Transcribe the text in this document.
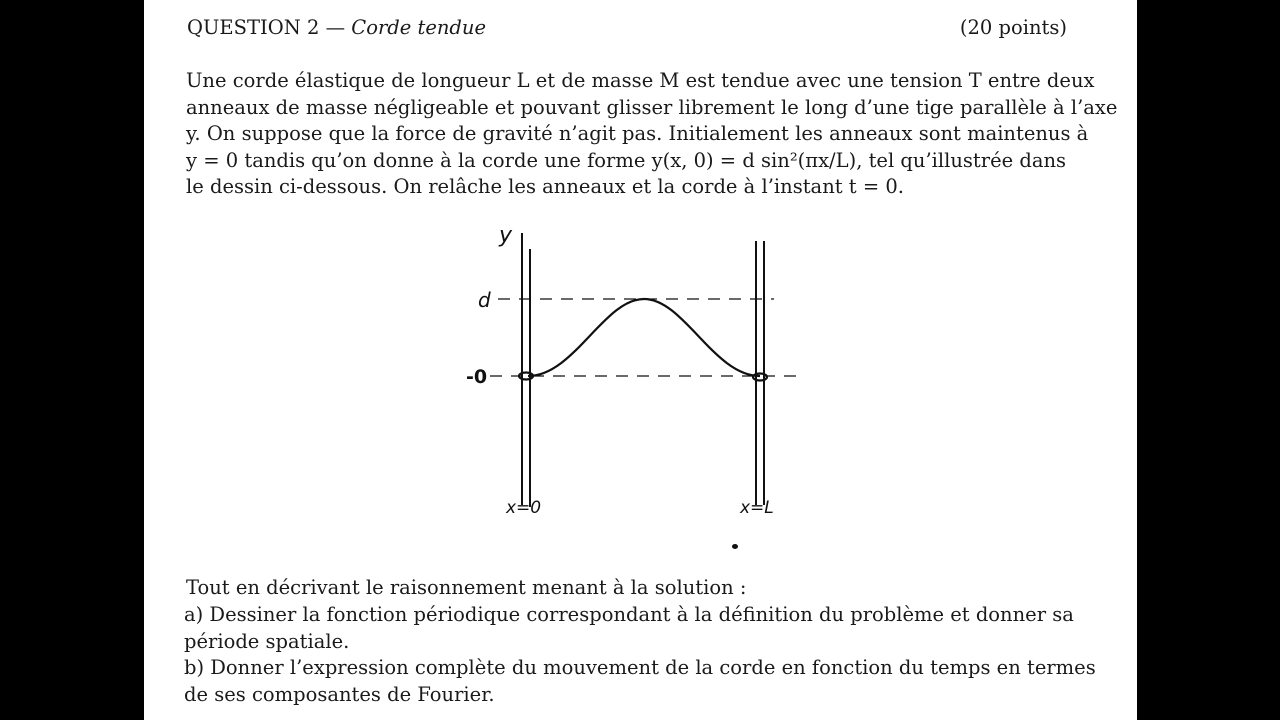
QUESTION 2 — Corde tendue	(20 points)
Une corde élastique de longueur L et de masse M est tendue avec une tension T entre deux
anneaux de masse négligeable et pouvant glisser librement le long d’une tige parallèle à l’axe
y. On suppose que la force de gravité n’agit pas. Initialement les anneaux sont maintenus à
y = 0 tandis qu’on donne à la corde une forme y(x, 0) = d sin²(πx/L), tel qu’illustrée dans
le dessin ci-dessous. On relâche les anneaux et la corde à l’instant t = 0.
y
d
-0
x=0	x=L
Tout en décrivant le raisonnement menant à la solution :
a) Dessiner la fonction périodique correspondant à la définition du problème et donner sa
période spatiale.
b) Donner l’expression complète du mouvement de la corde en fonction du temps en termes
de ses composantes de Fourier.
